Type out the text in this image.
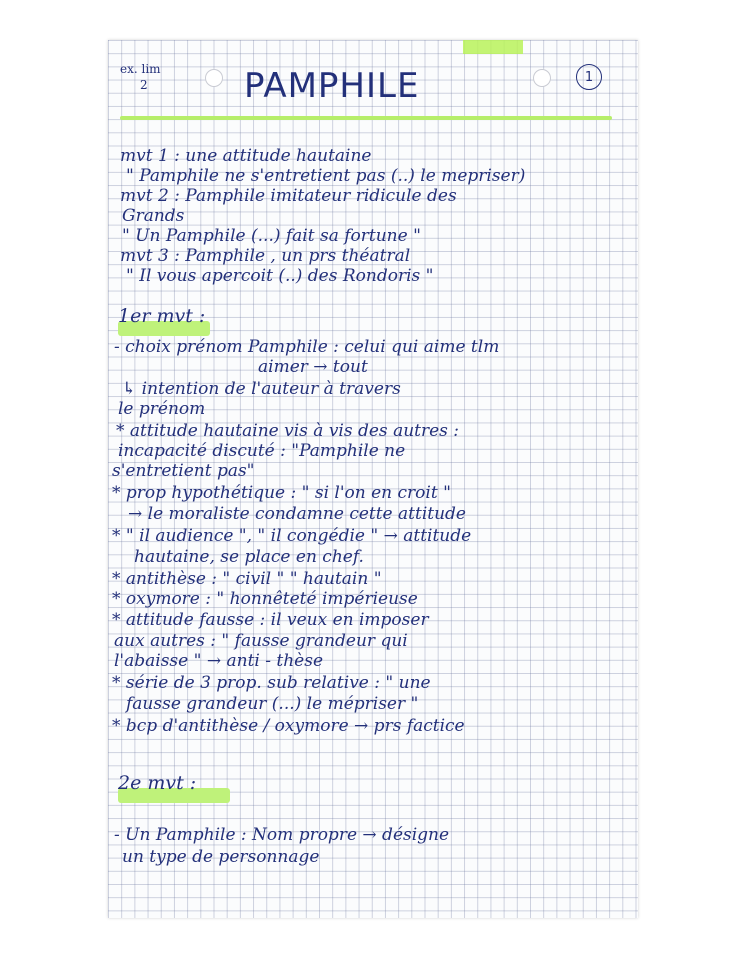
ex. lim
2	PAMPHILE	1
mvt 1 : une attitude hautaine
" Pamphile ne s'entretient pas (..) le mepriser)
mvt 2 : Pamphile imitateur ridicule des
Grands
" Un Pamphile (...) fait sa fortune "
mvt 3 : Pamphile , un prs théatral
" Il vous apercoit (..) des Rondoris "
1er mvt :
- choix prénom Pamphile : celui qui aime tlm
aimer → tout
↳ intention de l'auteur à travers
le prénom
* attitude hautaine vis à vis des autres :
incapacité discuté : "Pamphile ne
s'entretient pas"
* prop hypothétique : " si l'on en croit "
→ le moraliste condamne cette attitude
* " il audience ", " il congédie " → attitude
hautaine, se place en chef.
* antithèse : " civil " " hautain "
* oxymore : " honnêteté impérieuse
* attitude fausse : il veux en imposer
aux autres : " fausse grandeur qui
l'abaisse " → anti - thèse
* série de 3 prop. sub relative : " une
fausse grandeur (...) le mépriser "
* bcp d'antithèse / oxymore → prs factice
2e mvt :
- Un Pamphile : Nom propre → désigne
un type de personnage
